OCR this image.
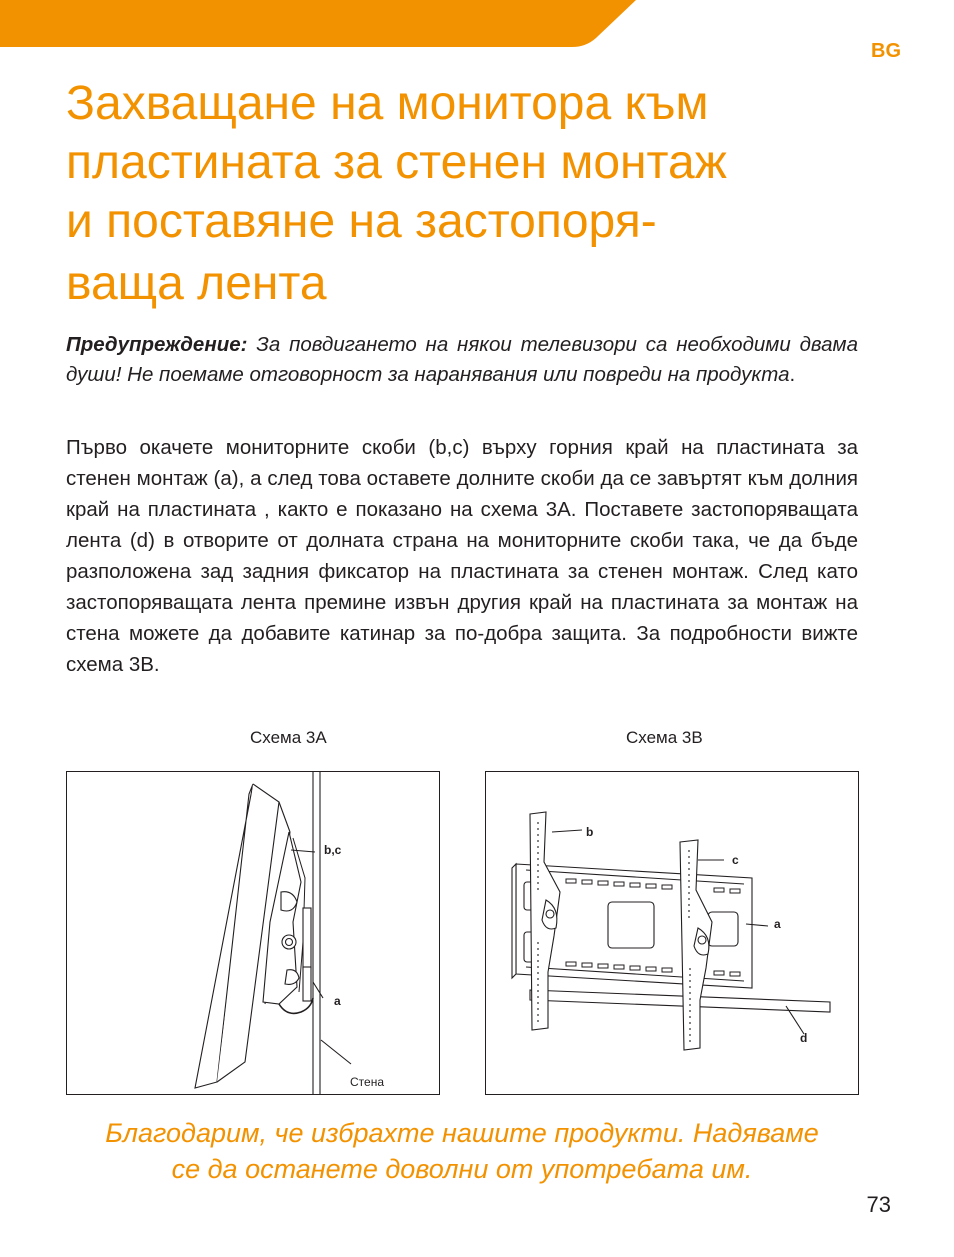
BG
Захващане на монитора към
пластината за стенен монтаж
и поставяне на застопоря-
ваща лента

Предупреждение: За повдигането на някои телевизори са необходими двама души! Не поемаме отговорност за наранявания или повреди на продукта.

Първо окачете мониторните скоби (b,c) върху горния край на пластината за стенен монтаж (а), а след това оставете долните скоби да се завъртят към долния край на пластината , както е показано на схема 3A. Поставете застопоряващата лента (d) в отворите от долната страна на мониторните скоби така, че да бъде разположена зад задния фиксатор на пластината за стенен монтаж. След като застопоряващата лента премине извън другия край на пластината за монтаж на стена можете да добавите катинар за по-добра защита. За подробности вижте схема 3B.

Схема 3A	Схема 3B
b,c
a
Стена
b
c
a
d

Благодарим, че избрахте нашите продукти. Надяваме
се да останете доволни от употребата им.

73
